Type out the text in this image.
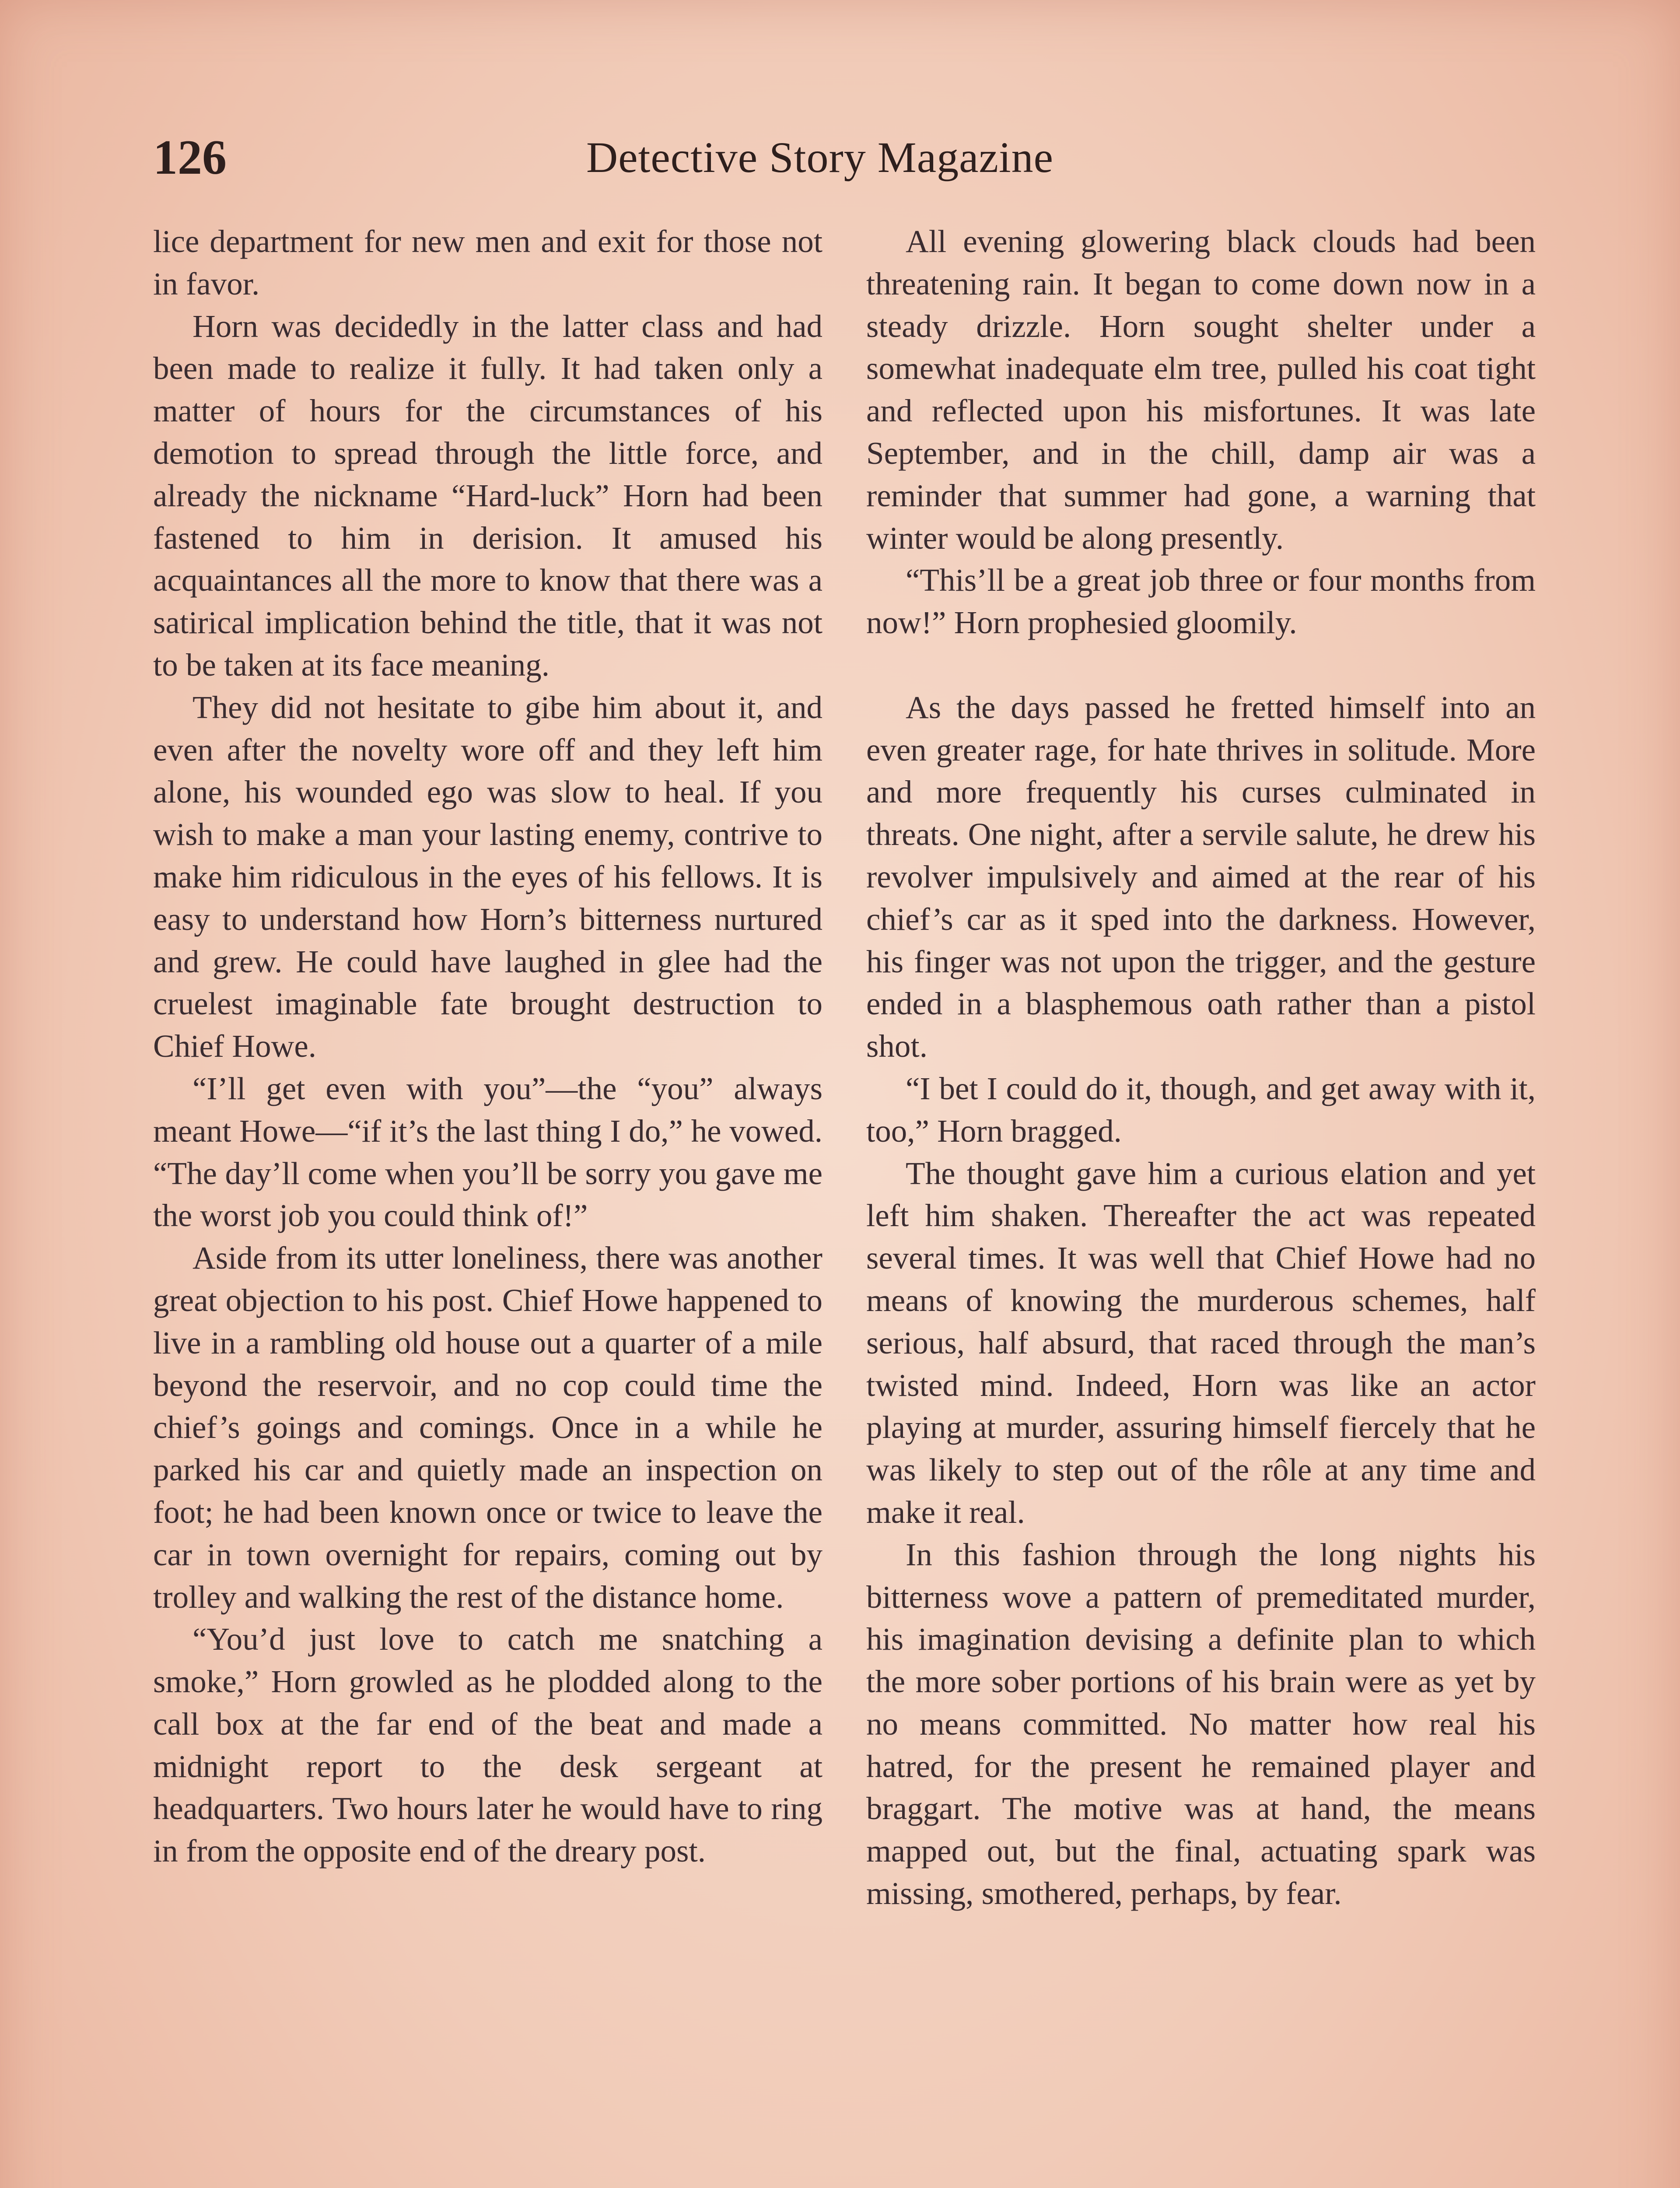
126	Detective Story Magazine

lice department for new men and exit for those not in favor.

Horn was decidedly in the latter class and had been made to realize it fully. It had taken only a matter of hours for the circumstances of his demotion to spread through the little force, and already the nickname “Hard-luck” Horn had been fastened to him in derision. It amused his acquaintances all the more to know that there was a satirical implication behind the title, that it was not to be taken at its face meaning.

They did not hesitate to gibe him about it, and even after the novelty wore off and they left him alone, his wounded ego was slow to heal. If you wish to make a man your lasting enemy, contrive to make him ridiculous in the eyes of his fellows. It is easy to understand how Horn’s bitterness nurtured and grew. He could have laughed in glee had the cruelest imaginable fate brought destruction to Chief Howe.

“I’ll get even with you”—the “you” always meant Howe—“if it’s the last thing I do,” he vowed. “The day’ll come when you’ll be sorry you gave me the worst job you could think of!”

Aside from its utter loneliness, there was another great objection to his post. Chief Howe happened to live in a rambling old house out a quarter of a mile beyond the reservoir, and no cop could time the chief’s goings and comings. Once in a while he parked his car and quietly made an inspection on foot; he had been known once or twice to leave the car in town overnight for repairs, coming out by trolley and walking the rest of the distance home.

“You’d just love to catch me snatching a smoke,” Horn growled as he plodded along to the call box at the far end of the beat and made a midnight report to the desk sergeant at headquarters. Two hours later he would have to ring in from the opposite end of the dreary post.

All evening glowering black clouds had been threatening rain. It began to come down now in a steady drizzle. Horn sought shelter under a somewhat inadequate elm tree, pulled his coat tight and reflected upon his misfortunes. It was late September, and in the chill, damp air was a reminder that summer had gone, a warning that winter would be along presently.

“This’ll be a great job three or four months from now!” Horn prophesied gloomily.

As the days passed he fretted himself into an even greater rage, for hate thrives in solitude. More and more frequently his curses culminated in threats. One night, after a servile salute, he drew his revolver impulsively and aimed at the rear of his chief’s car as it sped into the darkness. However, his finger was not upon the trigger, and the gesture ended in a blasphemous oath rather than a pistol shot.

“I bet I could do it, though, and get away with it, too,” Horn bragged.

The thought gave him a curious elation and yet left him shaken. Thereafter the act was repeated several times. It was well that Chief Howe had no means of knowing the murderous schemes, half serious, half absurd, that raced through the man’s twisted mind. Indeed, Horn was like an actor playing at murder, assuring himself fiercely that he was likely to step out of the rôle at any time and make it real.

In this fashion through the long nights his bitterness wove a pattern of premeditated murder, his imagination devising a definite plan to which the more sober portions of his brain were as yet by no means committed. No matter how real his hatred, for the present he remained player and braggart. The motive was at hand, the means mapped out, but the final, actuating spark was missing, smothered, perhaps, by fear.
